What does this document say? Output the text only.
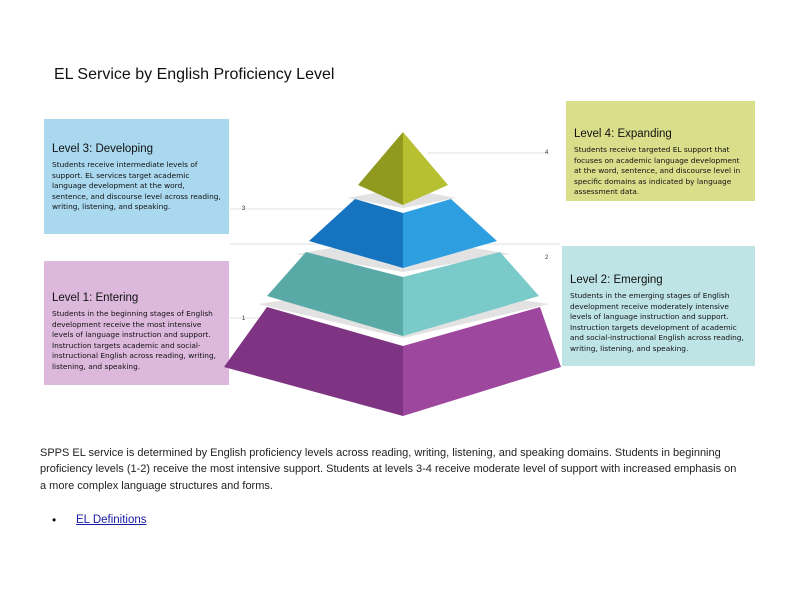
EL Service by English Proficiency Level
Level 3: Developing

Students receive intermediate levels of support. EL services target academic language development at the word, sentence, and discourse level across reading, writing, listening, and speaking.

Level 4: Expanding

Students receive targeted EL support that focuses on academic language development at the word, sentence, and discourse level in specific domains as indicated by language assessment data.

Level 1: Entering

Students in the beginning stages of English development receive the most intensive levels of language instruction and support. Instruction targets academic and social-instructional English across reading, writing, listening, and speaking.

Level 2: Emerging

Students in the emerging stages of English development receive moderately intensive levels of language instruction and support. Instruction targets development of academic and social-instructional English across reading, writing, listening, and speaking.

4
3
2
1
SPPS EL service is determined by English proficiency levels across reading, writing, listening, and speaking domains. Students in beginning proficiency levels (1-2) receive the most intensive support. Students at levels 3-4 receive moderate level of support with increased emphasis on a more complex language structures and forms.
• EL Definitions
